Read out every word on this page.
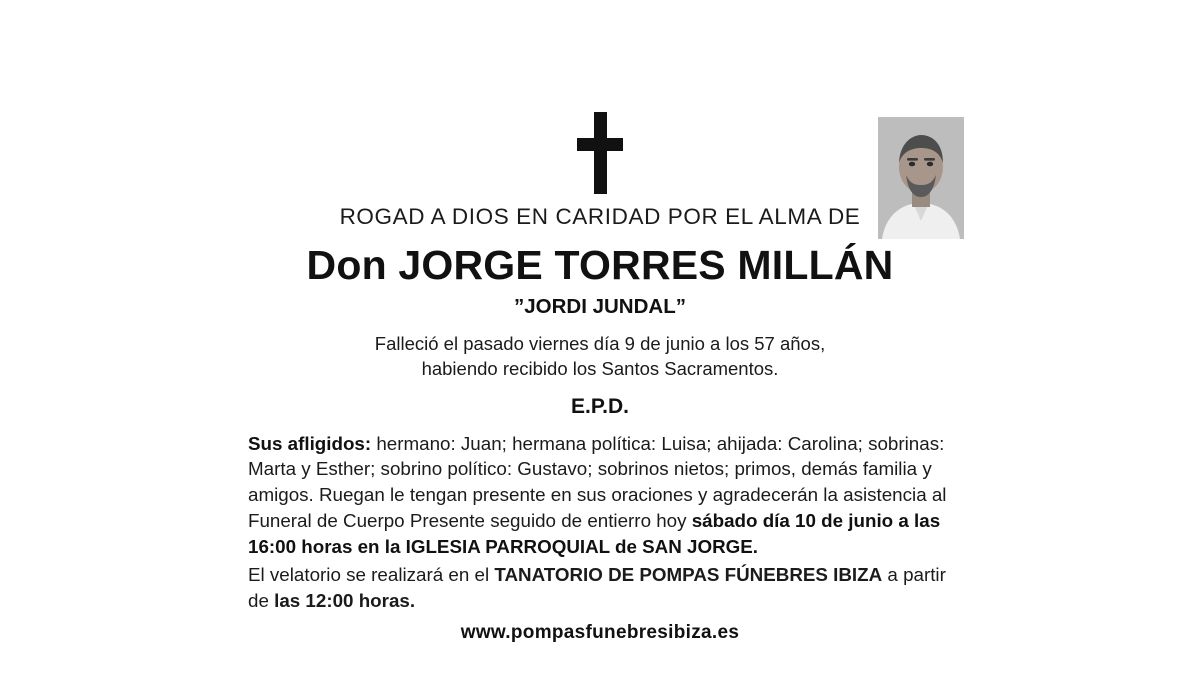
ROGAD A DIOS EN CARIDAD POR EL ALMA DE
Don JORGE TORRES MILLÁN
”JORDI JUNDAL”
Falleció el pasado viernes día 9 de junio a los 57 años,
habiendo recibido los Santos Sacramentos.
E.P.D.
Sus afligidos: hermano: Juan; hermana política: Luisa; ahijada: Carolina; sobrinas: Marta y Esther; sobrino político: Gustavo; sobrinos nietos; primos, demás familia y amigos. Ruegan le tengan presente en sus oraciones y agradecerán la asistencia al Funeral de Cuerpo Presente seguido de entierro hoy sábado día 10 de junio a las 16:00 horas en la IGLESIA PARROQUIAL de SAN JORGE.
El velatorio se realizará en el TANATORIO DE POMPAS FÚNEBRES IBIZA a partir de las 12:00 horas.
www.pompasfunebresibiza.es
